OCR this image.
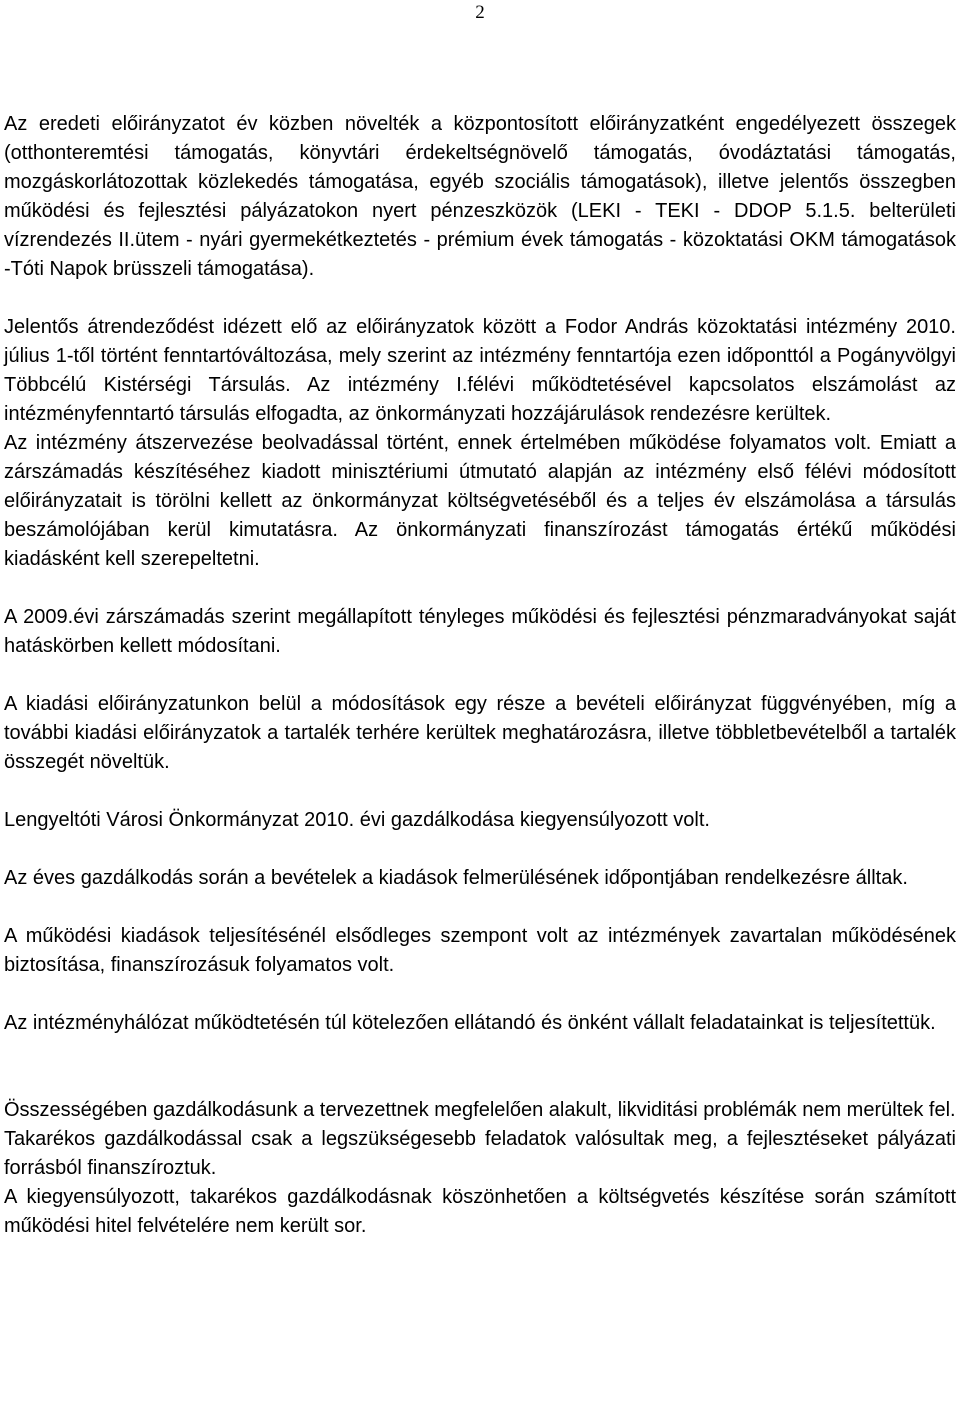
2

Az eredeti előirányzatot év közben növelték a központosított előirányzatként engedélyezett összegek (otthonteremtési támogatás, könyvtári érdekeltségnövelő támogatás, óvodáztatási támogatás, mozgáskorlátozottak közlekedés támogatása, egyéb szociális támogatások), illetve jelentős összegben működési és fejlesztési pályázatokon nyert pénzeszközök (LEKI - TEKI - DDOP 5.1.5. belterületi vízrendezés II.ütem - nyári gyermekétkeztetés - prémium évek támogatás - közoktatási OKM támogatások -Tóti Napok brüsszeli támogatása).

Jelentős átrendeződést idézett elő az előirányzatok között a Fodor András közoktatási intézmény 2010. július 1-től történt fenntartóváltozása, mely szerint az intézmény fenntartója ezen időponttól a Pogányvölgyi Többcélú Kistérségi Társulás. Az intézmény I.félévi működtetésével kapcsolatos elszámolást az intézményfenntartó társulás elfogadta, az önkormányzati hozzájárulások rendezésre kerültek.

Az intézmény átszervezése beolvadással történt, ennek értelmében működése folyamatos volt. Emiatt a zárszámadás készítéséhez kiadott minisztériumi útmutató alapján az intézmény első félévi módosított előirányzatait is törölni kellett az önkormányzat költségvetéséből és a teljes év elszámolása a társulás beszámolójában kerül kimutatásra. Az önkormányzati finanszírozást támogatás értékű működési kiadásként kell szerepeltetni.

A 2009.évi zárszámadás szerint megállapított tényleges működési és fejlesztési pénzmaradványokat saját hatáskörben kellett módosítani.

A kiadási előirányzatunkon belül a módosítások egy része a bevételi előirányzat függvényében, míg a további kiadási előirányzatok a tartalék terhére kerültek meghatározásra, illetve többletbevételből a tartalék összegét növeltük.

Lengyeltóti Városi Önkormányzat 2010. évi gazdálkodása kiegyensúlyozott volt.

Az éves gazdálkodás során a bevételek a kiadások felmerülésének időpontjában rendelkezésre álltak.

A működési kiadások teljesítésénél elsődleges szempont volt az intézmények zavartalan működésének biztosítása, finanszírozásuk folyamatos volt.

Az intézményhálózat működtetésén túl kötelezően ellátandó és önként vállalt feladatainkat is teljesítettük.

Összességében gazdálkodásunk a tervezettnek megfelelően alakult, likviditási problémák nem merültek fel.

Takarékos gazdálkodással csak a legszükségesebb feladatok valósultak meg, a fejlesztéseket pályázati forrásból finanszíroztuk.

A kiegyensúlyozott, takarékos gazdálkodásnak köszönhetően a költségvetés készítése során számított működési hitel felvételére nem került sor.
